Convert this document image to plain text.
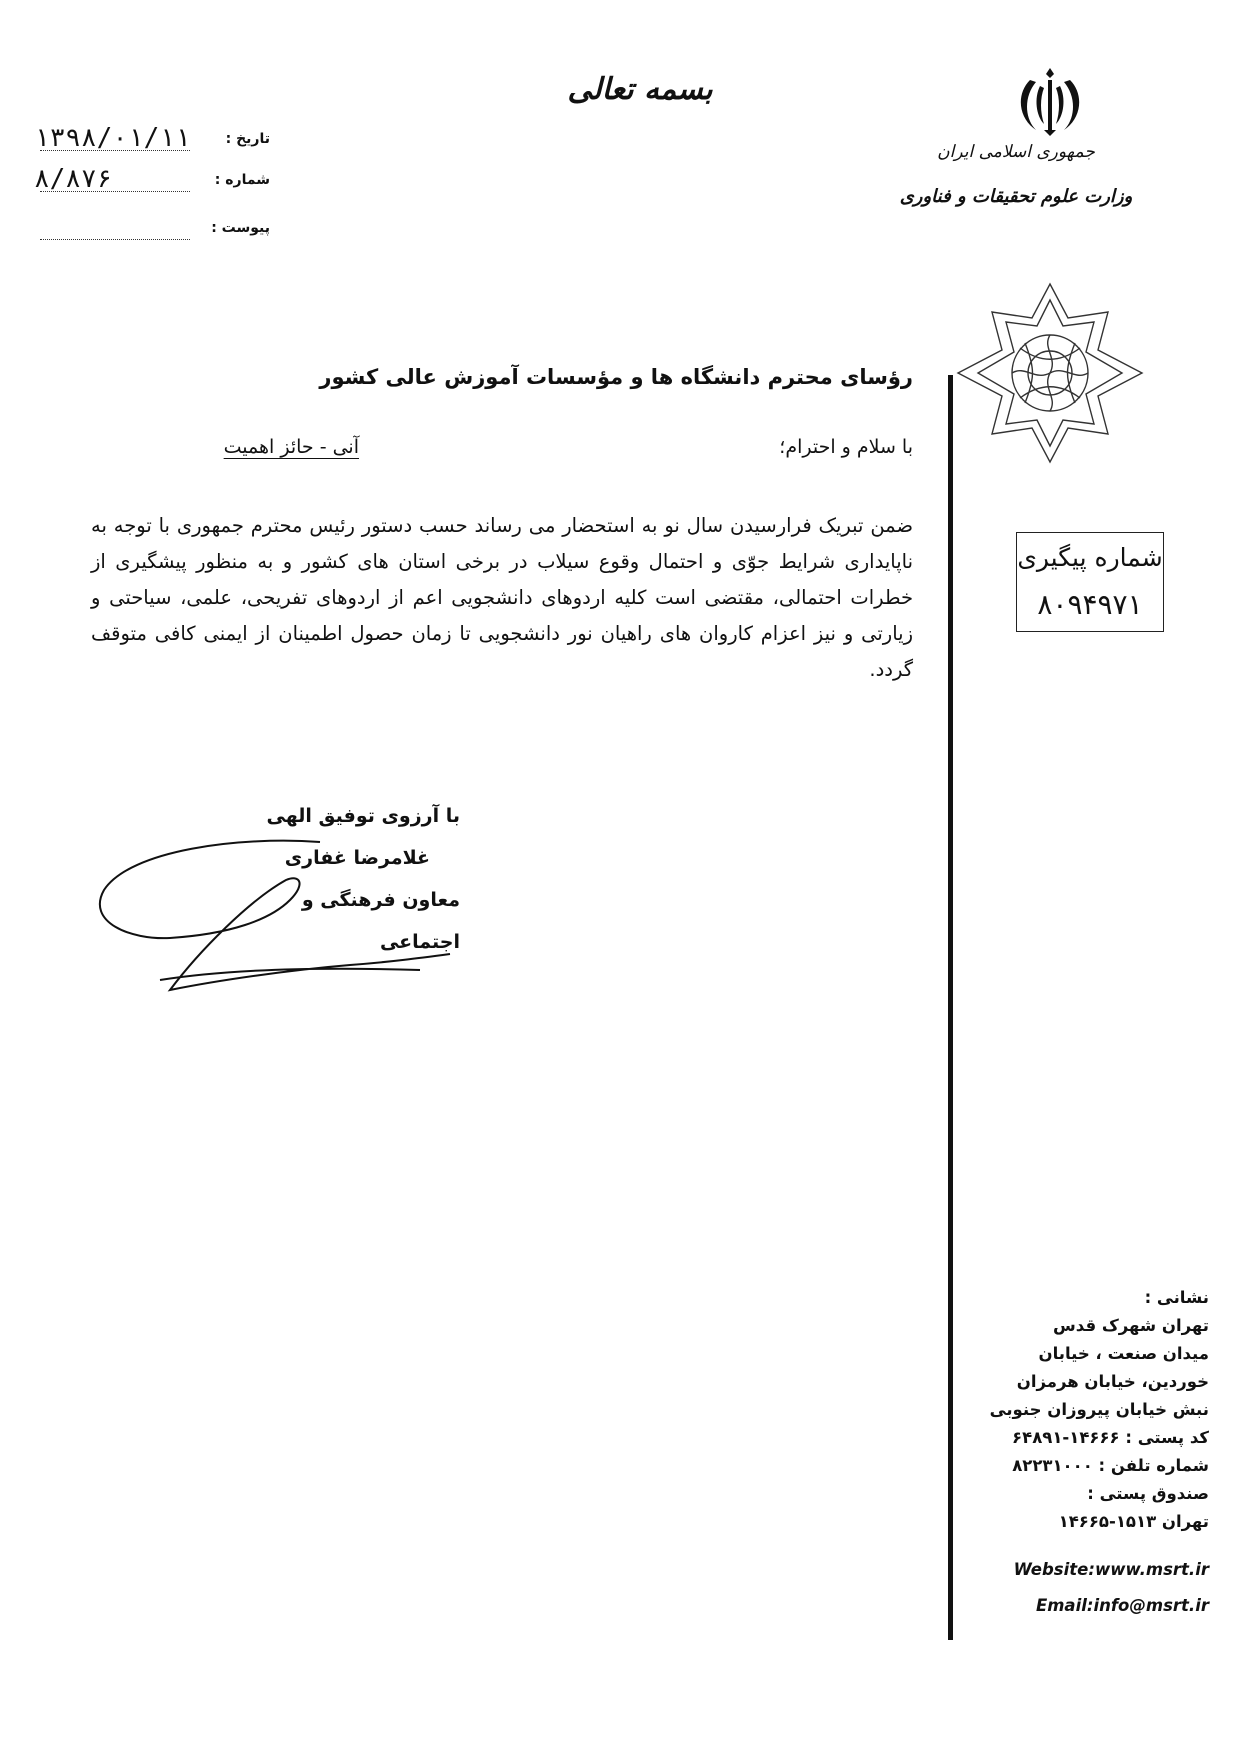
بسمه تعالی
جمهوری اسلامی ایران
وزارت علوم تحقیقات و فناوری
تاریخ :
۱۳۹۸/۰۱/۱۱
شماره :
۸/۸۷۶
پیوست :
شماره پیگیری
۸۰۹۴۹۷۱
رؤسای محترم دانشگاه ها و مؤسسات آموزش عالی کشور
با سلام و احترام؛
آنی - حائز اهمیت
ضمن تبریک فرارسیدن سال نو به استحضار می رساند حسب دستور رئیس محترم جمهوری با توجه به ناپایداری شرایط جوّی و احتمال وقوع سیلاب در برخی استان های کشور و به منظور پیشگیری از خطرات احتمالی، مقتضی است کلیه اردوهای دانشجویی اعم از اردوهای تفریحی، علمی، سیاحتی و زیارتی و نیز اعزام کاروان های راهیان نور دانشجویی تا زمان حصول اطمینان از ایمنی کافی متوقف گردد.
با آرزوی توفیق الهی
غلامرضا غفاری
معاون فرهنگی و اجتماعی
نشانی :
تهران شهرک قدس
میدان صنعت ، خیابان
خوردین، خیابان هرمزان
نبش خیابان پیروزان جنوبی
کد پستی : ۱۴۶۶۶-۶۴۸۹۱
شماره تلفن : ۸۲۲۳۱۰۰۰
صندوق پستی :
تهران ۱۵۱۳-۱۴۶۶۵
Website:www.msrt.ir
Email:info@msrt.ir
